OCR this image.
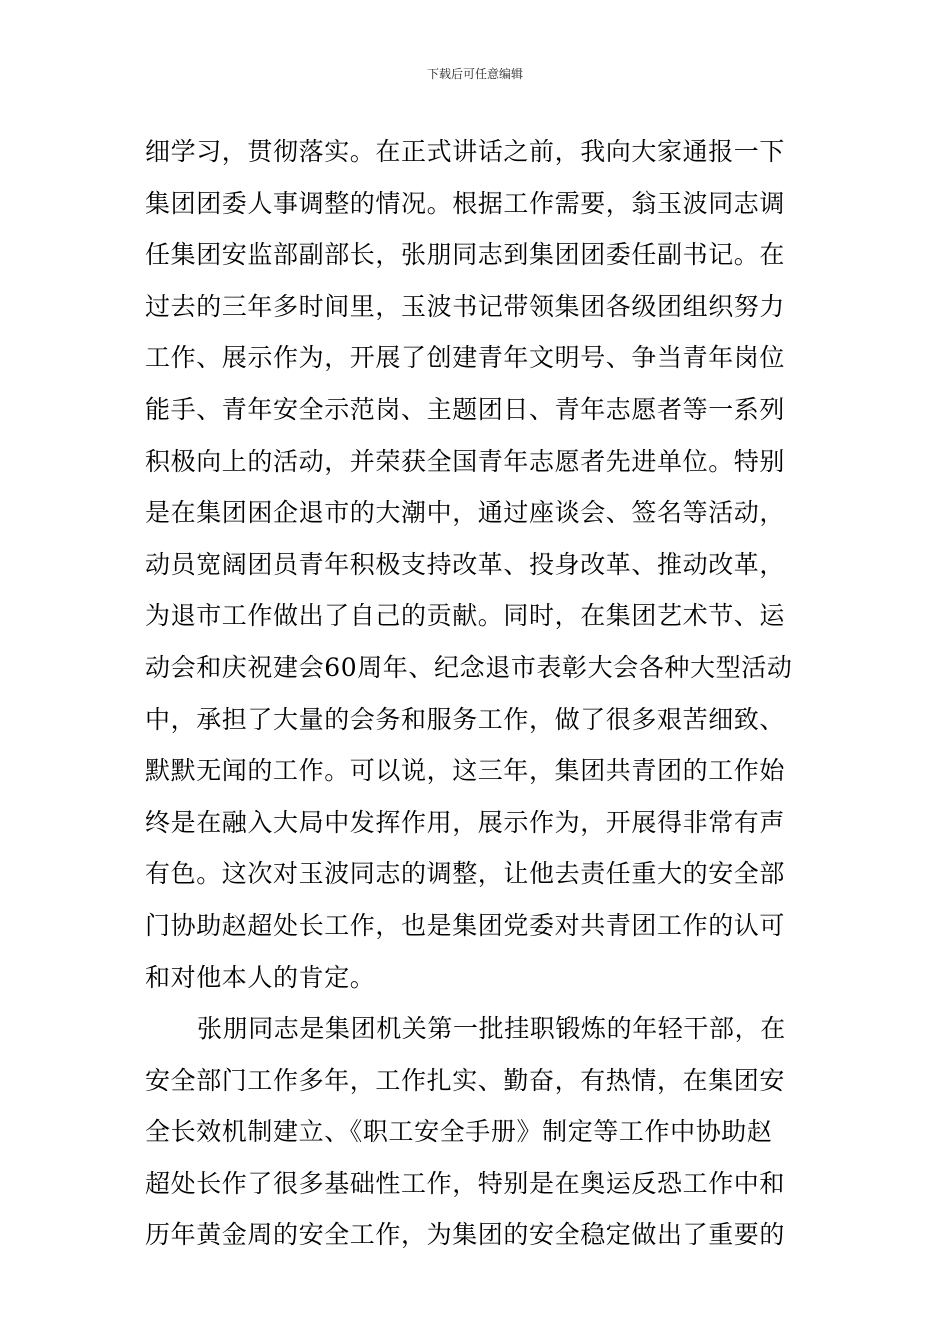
下载后可任意编辑

细学习，贯彻落实。在正式讲话之前，我向大家通报一下
集团团委人事调整的情况。根据工作需要，翁玉波同志调
任集团安监部副部长，张朋同志到集团团委任副书记。在
过去的三年多时间里，玉波书记带领集团各级团组织努力
工作、展示作为，开展了创建青年文明号、争当青年岗位
能手、青年安全示范岗、主题团日、青年志愿者等一系列
积极向上的活动，并荣获全国青年志愿者先进单位。特别
是在集团困企退市的大潮中，通过座谈会、签名等活动，
动员宽阔团员青年积极支持改革、投身改革、推动改革，
为退市工作做出了自己的贡献。同时，在集团艺术节、运
动会和庆祝建会60周年、纪念退市表彰大会各种大型活动
中，承担了大量的会务和服务工作，做了很多艰苦细致、
默默无闻的工作。可以说，这三年，集团共青团的工作始
终是在融入大局中发挥作用，展示作为，开展得非常有声
有色。这次对玉波同志的调整，让他去责任重大的安全部
门协助赵超处长工作，也是集团党委对共青团工作的认可
和对他本人的肯定。

张朋同志是集团机关第一批挂职锻炼的年轻干部，在
安全部门工作多年，工作扎实、勤奋，有热情，在集团安
全长效机制建立、《职工安全手册》制定等工作中协助赵
超处长作了很多基础性工作，特别是在奥运反恐工作中和
历年黄金周的安全工作，为集团的安全稳定做出了重要的
